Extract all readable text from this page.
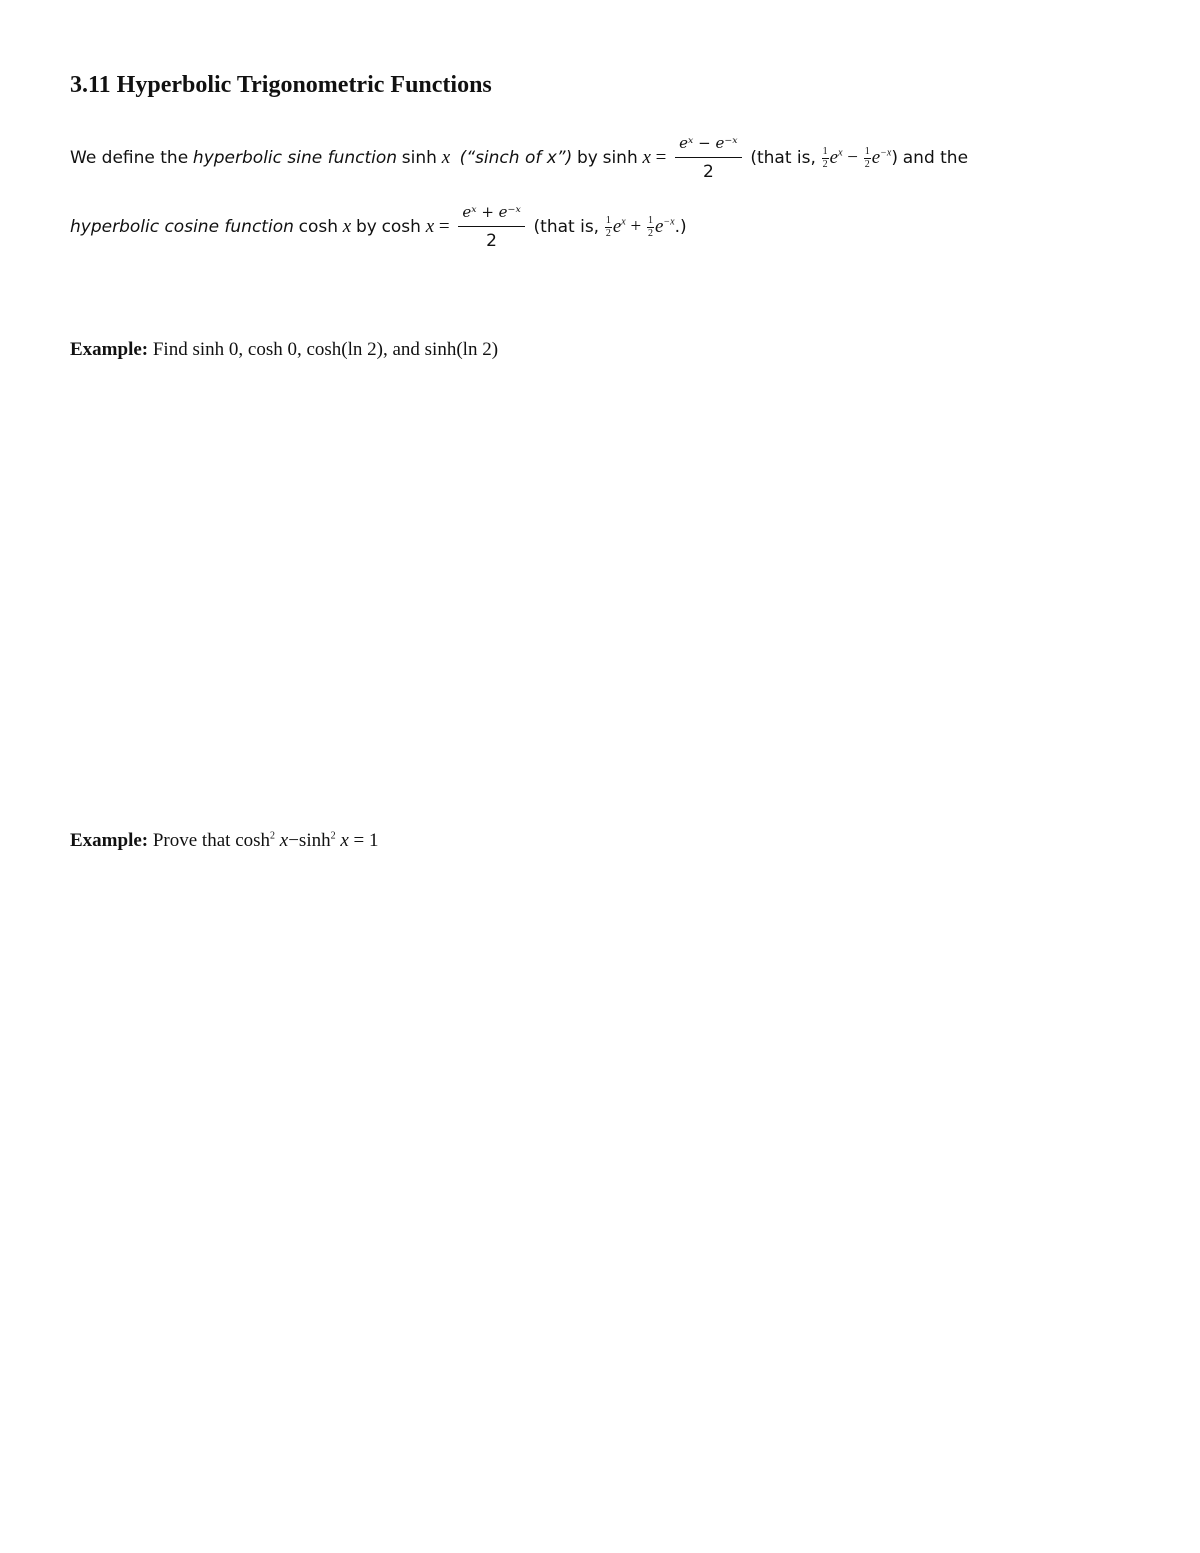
3.11 Hyperbolic Trigonometric Functions
We define the hyperbolic sine function sinh x (“sinch of x”) by $\sinh x = \frac{\text{eˣ − e⁻ˣ}}{2}$ (that is, $\frac{1}{2} e^x - \frac{1}{2} e^{-x}$) and the
hyperbolic cosine function cosh x by $\cosh x = \frac{\text{eˣ + e⁻ˣ}}{2}$ (that is, $\frac{1}{2} e^x + \frac{1}{2} e^{-x}$.)
Example: Find sinh 0, cosh 0, cosh(ln 2), and sinh(ln 2)
Example: Prove that $\cosh^2 x-\sinh^2$ x = 1
